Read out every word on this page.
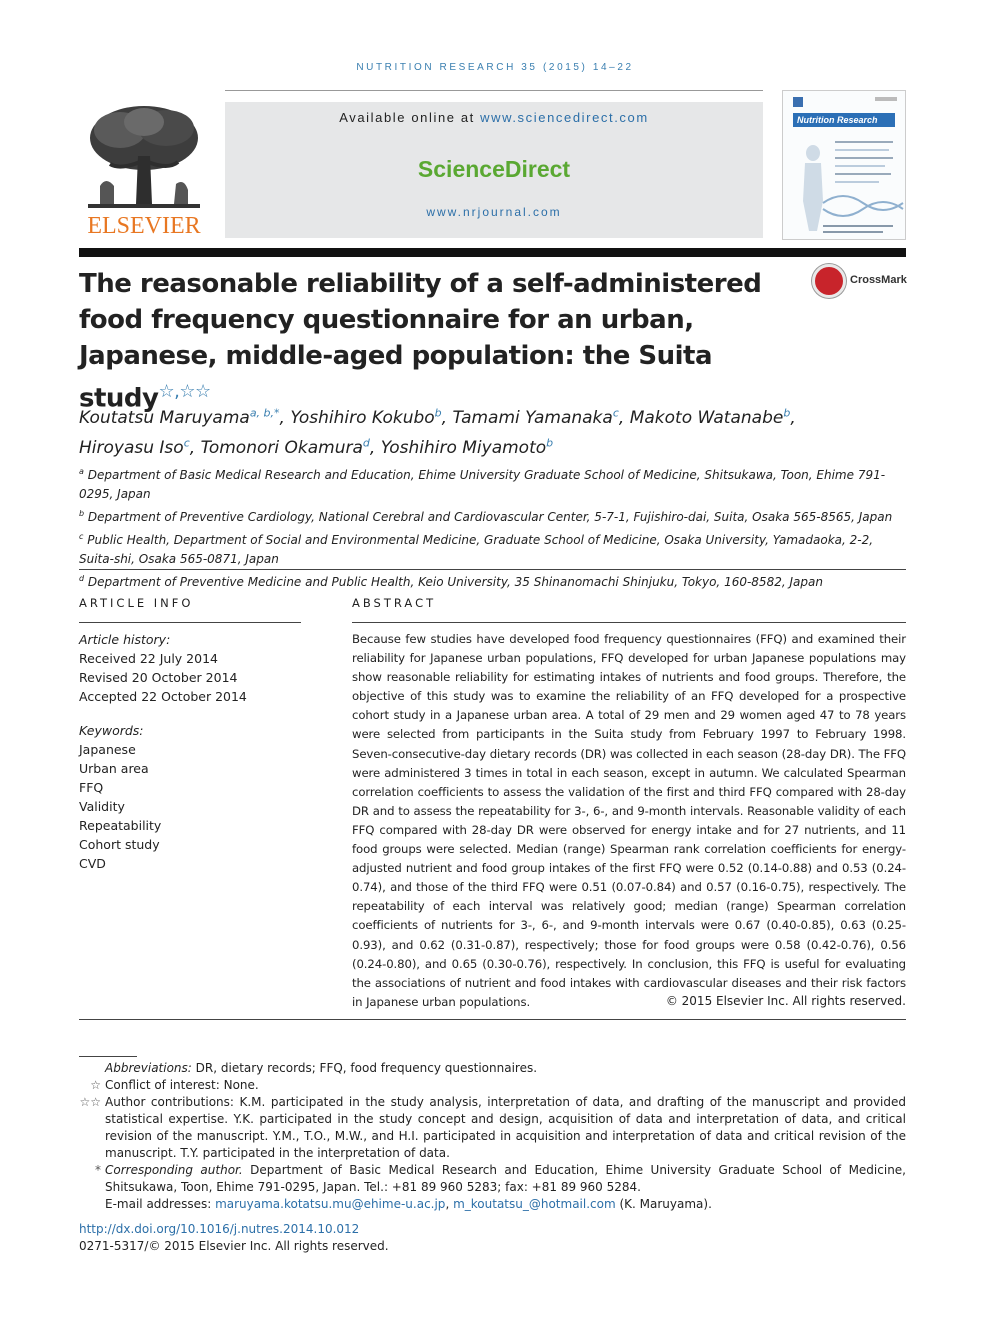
NUTRITION RESEARCH 35 (2015) 14–22
ELSEVIER
Available online at www.sciencedirect.com
ScienceDirect
www.nrjournal.com
Nutrition Research
The reasonable reliability of a self-administered food frequency questionnaire for an urban, Japanese, middle-aged population: the Suita study☆,☆☆
CrossMark
Koutatsu Maruyama$^{a, b,*}$, Yoshihiro Kokubo$^b$, Tamami Yamanaka$^c$, Makoto Watanabe$^b$,
Hiroyasu Iso$^c$, Tomonori Okamura$^d$, Yoshihiro Miyamoto$^b$
$^a$ Department of Basic Medical Research and Education, Ehime University Graduate School of Medicine, Shitsukawa, Toon, Ehime 791-0295, Japan
$^b$ Department of Preventive Cardiology, National Cerebral and Cardiovascular Center, 5-7-1, Fujishiro-dai, Suita, Osaka 565-8565, Japan
$^c$ Public Health, Department of Social and Environmental Medicine, Graduate School of Medicine, Osaka University, Yamadaoka, 2-2, Suita-shi, Osaka 565-0871, Japan
$^d$ Department of Preventive Medicine and Public Health, Keio University, 35 Shinanomachi Shinjuku, Tokyo, 160-8582, Japan
ARTICLE INFO	ABSTRACT
Article history:
Received 22 July 2014
Revised 20 October 2014
Accepted 22 October 2014
Keywords:
Japanese
Urban area
FFQ
Validity
Repeatability
Cohort study
CVD

Because few studies have developed food frequency questionnaires (FFQ) and examined their reliability for Japanese urban populations, FFQ developed for urban Japanese populations may show reasonable reliability for estimating intakes of nutrients and food groups. Therefore, the objective of this study was to examine the reliability of an FFQ developed for a prospective cohort study in a Japanese urban area. A total of 29 men and 29 women aged 47 to 78 years were selected from participants in the Suita study from February 1997 to February 1998. Seven-consecutive-day dietary records (DR) was collected in each season (28-day DR). The FFQ were administered 3 times in total in each season, except in autumn. We calculated Spearman correlation coefficients to assess the validation of the first and third FFQ compared with 28-day DR and to assess the repeatability for 3-, 6-, and 9-month intervals. Reasonable validity of each FFQ compared with 28-day DR were observed for energy intake and for 27 nutrients, and 11 food groups were selected. Median (range) Spearman rank correlation coefficients for energy-adjusted nutrient and food group intakes of the first FFQ were 0.52 (0.14-0.88) and 0.53 (0.24-0.74), and those of the third FFQ were 0.51 (0.07-0.84) and 0.57 (0.16-0.75), respectively. The repeatability of each interval was relatively good; median (range) Spearman correlation coefficients of nutrients for 3-, 6-, and 9-month intervals were 0.67 (0.40-0.85), 0.63 (0.25-0.93), and 0.62 (0.31-0.87), respectively; those for food groups were 0.58 (0.42-0.76), 0.56 (0.24-0.80), and 0.65 (0.30-0.76), respectively. In conclusion, this FFQ is useful for evaluating the associations of nutrient and food intakes with cardiovascular diseases and their risk factors in Japanese urban populations.	© 2015 Elsevier Inc. All rights reserved.
Abbreviations: DR, dietary records; FFQ, food frequency questionnaires.
☆ Conflict of interest: None.
☆☆ Author contributions: K.M. participated in the study analysis, interpretation of data, and drafting of the manuscript and provided statistical expertise. Y.K. participated in the study concept and design, acquisition of data and interpretation of data, and critical revision of the manuscript. Y.M., T.O., M.W., and H.I. participated in acquisition and interpretation of data and critical revision of the manuscript. T.Y. participated in the interpretation of data.
* Corresponding author. Department of Basic Medical Research and Education, Ehime University Graduate School of Medicine, Shitsukawa, Toon, Ehime 791-0295, Japan. Tel.: +81 89 960 5283; fax: +81 89 960 5284.
E-mail addresses: maruyama.kotatsu.mu@ehime-u.ac.jp, m_koutatsu_@hotmail.com (K. Maruyama).
http://dx.doi.org/10.1016/j.nutres.2014.10.012
0271-5317/© 2015 Elsevier Inc. All rights reserved.
